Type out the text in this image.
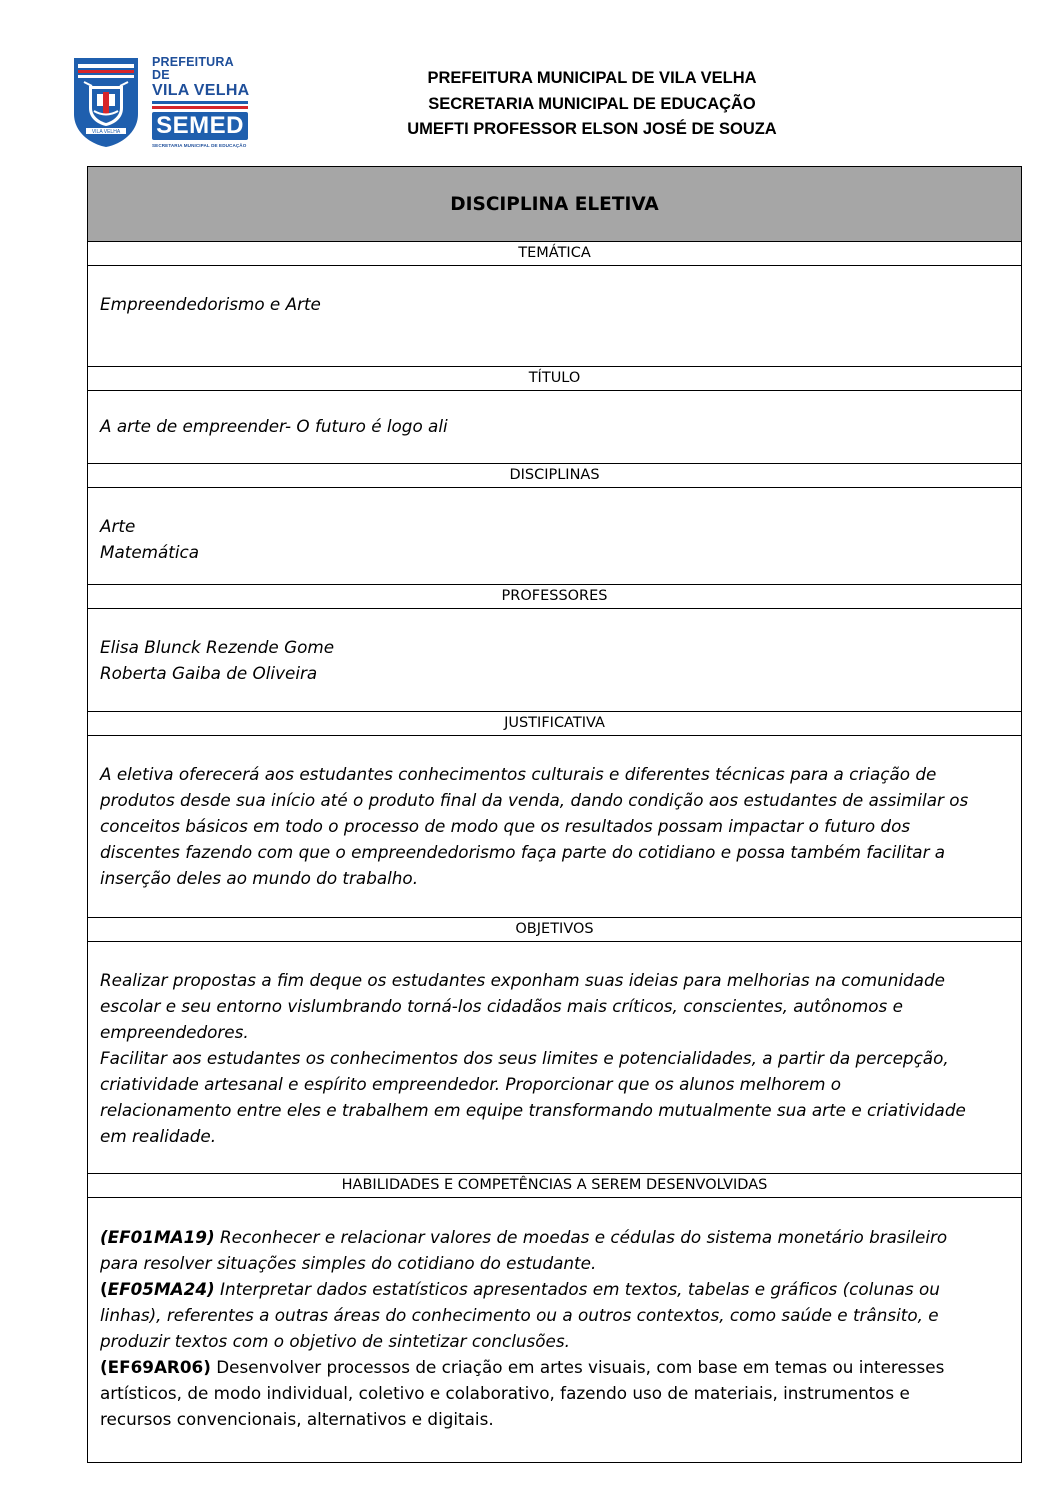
VILA VELHA
PREFEITURA DE
VILA VELHA
SEMED
SECRETARIA MUNICIPAL DE EDUCAÇÃO
PREFEITURA MUNICIPAL DE VILA VELHA
SECRETARIA MUNICIPAL DE EDUCAÇÃO
UMEFTI PROFESSOR ELSON JOSÉ DE SOUZA
DISCIPLINA ELETIVA
TEMÁTICA
Empreendedorismo e Arte
TÍTULO
A arte de empreender- O futuro é logo ali
DISCIPLINAS
Arte
Matemática
PROFESSORES
Elisa Blunck Rezende Gome
Roberta Gaiba de Oliveira
JUSTIFICATIVA
A eletiva oferecerá aos estudantes conhecimentos culturais e diferentes técnicas para a criação de
produtos desde sua início até o produto final da venda, dando condição aos estudantes de assimilar os
conceitos básicos em todo o processo de modo que os resultados possam impactar o futuro dos
discentes fazendo com que o empreendedorismo faça parte do cotidiano e possa também facilitar a
inserção deles ao mundo do trabalho.
OBJETIVOS
Realizar propostas a fim deque os estudantes exponham suas ideias para melhorias na comunidade
escolar e seu entorno vislumbrando torná-los cidadãos mais críticos, conscientes, autônomos e
empreendedores.
Facilitar aos estudantes os conhecimentos dos seus limites e potencialidades, a partir da percepção,
criatividade artesanal e espírito empreendedor. Proporcionar que os alunos melhorem o
relacionamento entre eles e trabalhem em equipe transformando mutualmente sua arte e criatividade
em realidade.
HABILIDADES E COMPETÊNCIAS A SEREM DESENVOLVIDAS
(EF01MA19) Reconhecer e relacionar valores de moedas e cédulas do sistema monetário brasileiro
para resolver situações simples do cotidiano do estudante.
(EF05MA24) Interpretar dados estatísticos apresentados em textos, tabelas e gráficos (colunas ou
linhas), referentes a outras áreas do conhecimento ou a outros contextos, como saúde e trânsito, e
produzir textos com o objetivo de sintetizar conclusões.
(EF69AR06) Desenvolver processos de criação em artes visuais, com base em temas ou interesses
artísticos, de modo individual, coletivo e colaborativo, fazendo uso de materiais, instrumentos e
recursos convencionais, alternativos e digitais.
